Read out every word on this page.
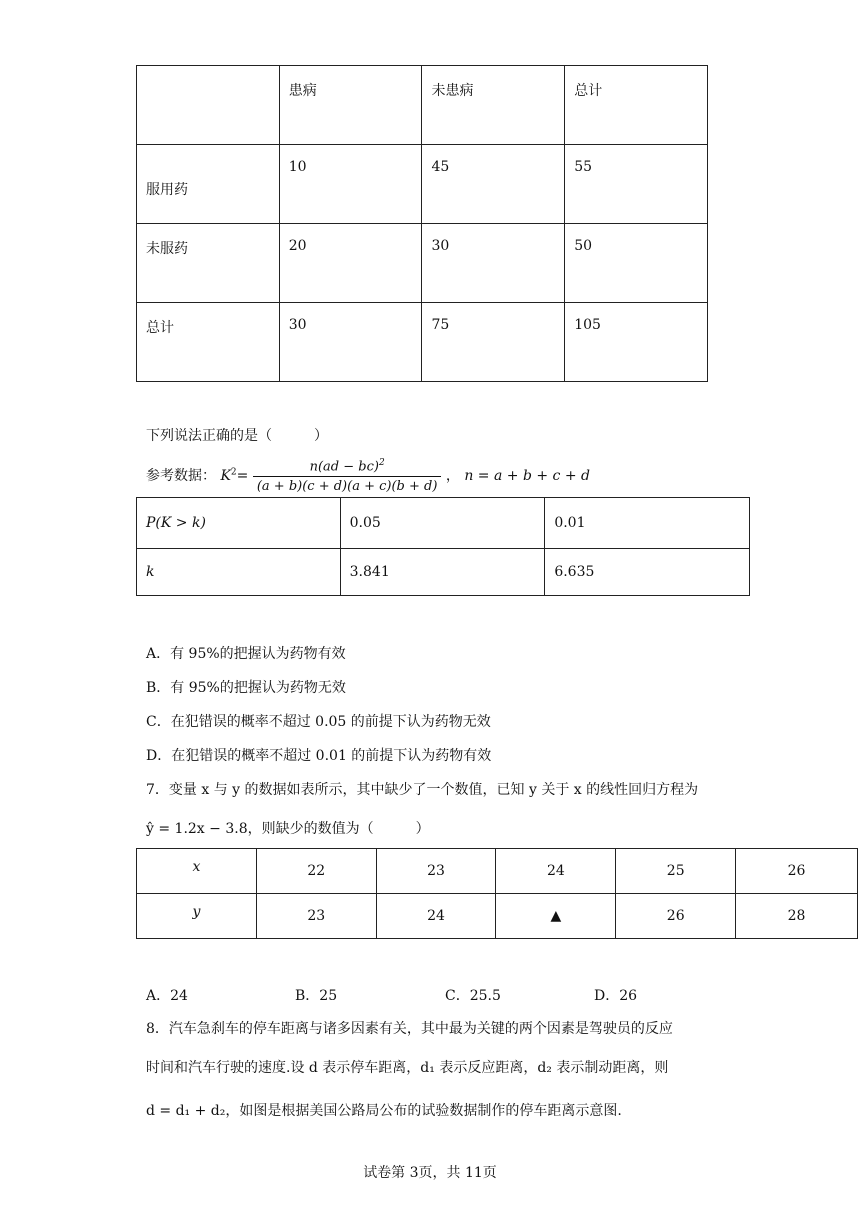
	患病	未患病	总计
服用药	10	45	55
未服药	20	30	50
总计	30	75	105
下列说法正确的是（　　　）
参考数据： $K^2= \frac{n(ad - bc)^2}{(a + b)(c + d)(a + c)(b + d)}$ ， n = a + b + c + d
P(K > k)	0.05	0.01
k	3.841	6.635
A．有 95%的把握认为药物有效
B．有 95%的把握认为药物无效
C．在犯错误的概率不超过 0.05 的前提下认为药物无效
D．在犯错误的概率不超过 0.01 的前提下认为药物有效
7．变量 x 与 y 的数据如表所示，其中缺少了一个数值，已知 y 关于 x 的线性回归方程为
ŷ = 1.2x − 3.8，则缺少的数值为（　　　）
x	22	23	24	25	26
y	23	24	▲	26	28
A．24	B．25	C．25.5	D．26
8．汽车急刹车的停车距离与诸多因素有关，其中最为关键的两个因素是驾驶员的反应
时间和汽车行驶的速度.设 d 表示停车距离，d₁ 表示反应距离，d₂ 表示制动距离，则
d = d₁ + d₂，如图是根据美国公路局公布的试验数据制作的停车距离示意图.
试卷第 3页，共 11页
